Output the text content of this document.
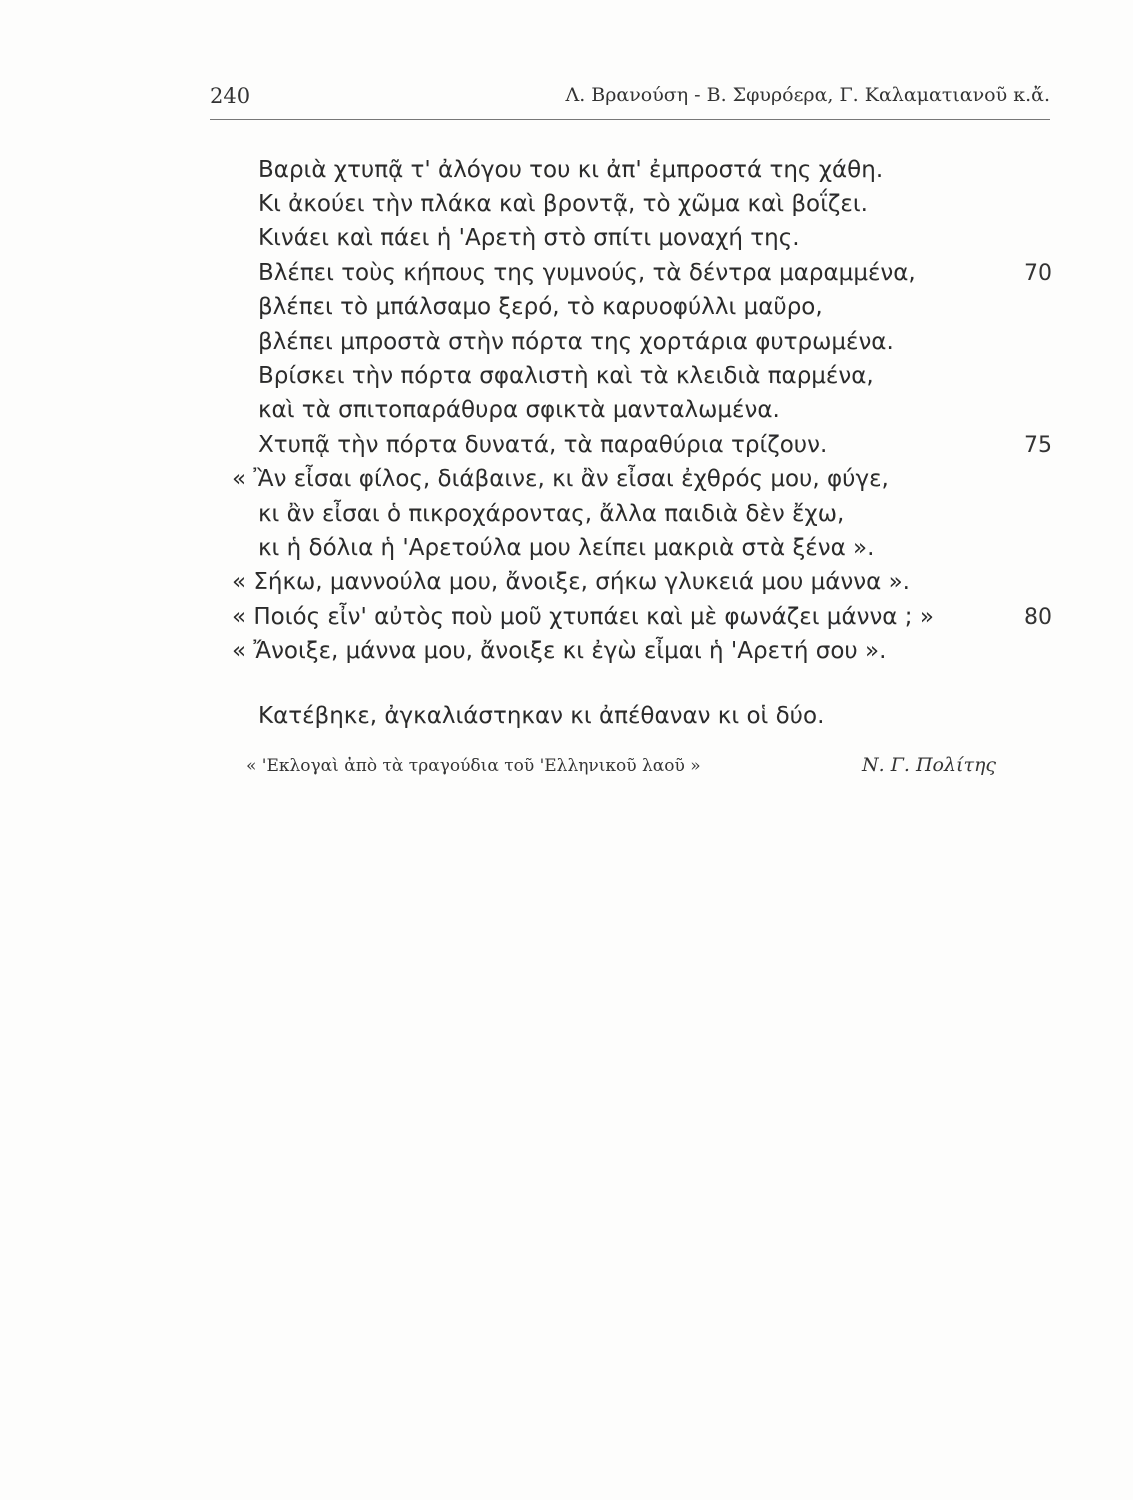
240	Λ. Βρανούση - Β. Σφυρόερα, Γ. Καλαματιανοῦ κ.ἄ.
Βαριὰ χτυπᾷ τ' ἀλόγου του κι ἀπ' ἐμπροστά της χάθη.
Κι ἀκούει τὴν πλάκα καὶ βροντᾷ, τὸ χῶμα καὶ βοΐζει.
Κινάει καὶ πάει ἡ 'Αρετὴ στὸ σπίτι μοναχή της.
Βλέπει τοὺς κήπους της γυμνούς, τὰ δέντρα μαραμμένα,	70
βλέπει τὸ μπάλσαμο ξερό, τὸ καρυοφύλλι μαῦρο,
βλέπει μπροστὰ στὴν πόρτα της χορτάρια φυτρωμένα.
Βρίσκει τὴν πόρτα σφαλιστὴ καὶ τὰ κλειδιὰ παρμένα,
καὶ τὰ σπιτοπαράθυρα σφικτὰ μανταλωμένα.
Χτυπᾷ τὴν πόρτα δυνατά, τὰ παραθύρια τρίζουν.	75
« Ἂν εἶσαι φίλος, διάβαινε, κι ἂν εἶσαι ἐχθρός μου, φύγε,
κι ἂν εἶσαι ὁ πικροχάροντας, ἄλλα παιδιὰ δὲν ἔχω,
κι ἡ δόλια ἡ 'Αρετούλα μου λείπει μακριὰ στὰ ξένα ».
« Σήκω, μαννούλα μου, ἄνοιξε, σήκω γλυκειά μου μάννα ».
« Ποιός εἶν' αὐτὸς ποὺ μοῦ χτυπάει καὶ μὲ φωνάζει μάννα ; »	80
« Ἄνοιξε, μάννα μου, ἄνοιξε κι ἐγὼ εἶμαι ἡ 'Αρετή σου ».
Κατέβηκε, ἀγκαλιάστηκαν κι ἀπέθαναν κι οἱ δύο.
« 'Εκλογαὶ ἀπὸ τὰ τραγούδια τοῦ 'Ελληνικοῦ λαοῦ »	Ν. Γ. Πολίτης
